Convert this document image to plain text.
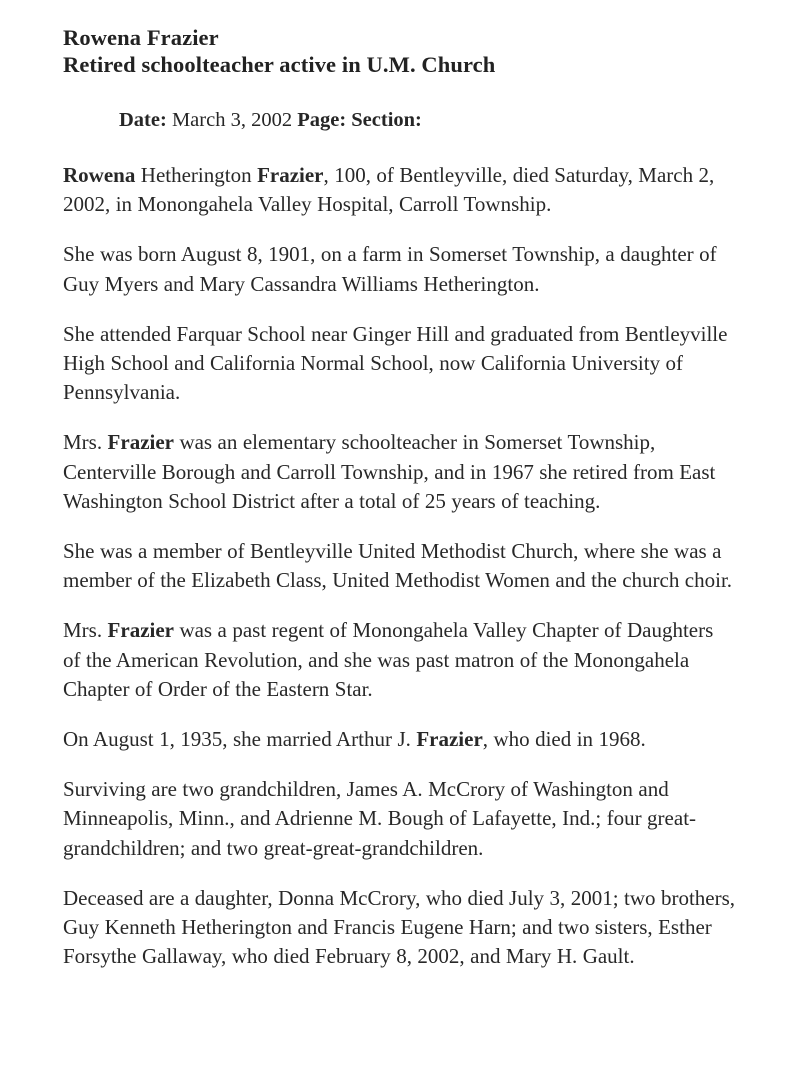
Rowena Frazier
Retired schoolteacher active in U.M. Church
Date: March 3, 2002 Page: Section:

Rowena Hetherington Frazier, 100, of Bentleyville, died Saturday, March 2, 2002, in Monongahela Valley Hospital, Carroll Township.

She was born August 8, 1901, on a farm in Somerset Township, a daughter of Guy Myers and Mary Cassandra Williams Hetherington.

She attended Farquar School near Ginger Hill and graduated from Bentleyville High School and California Normal School, now California University of Pennsylvania.

Mrs. Frazier was an elementary schoolteacher in Somerset Township, Centerville Borough and Carroll Township, and in 1967 she retired from East Washington School District after a total of 25 years of teaching.

She was a member of Bentleyville United Methodist Church, where she was a member of the Elizabeth Class, United Methodist Women and the church choir.

Mrs. Frazier was a past regent of Monongahela Valley Chapter of Daughters of the American Revolution, and she was past matron of the Monongahela Chapter of Order of the Eastern Star.

On August 1, 1935, she married Arthur J. Frazier, who died in 1968.

Surviving are two grandchildren, James A. McCrory of Washington and Minneapolis, Minn., and Adrienne M. Bough of Lafayette, Ind.; four great-grandchildren; and two great-great-grandchildren.

Deceased are a daughter, Donna McCrory, who died July 3, 2001; two brothers, Guy Kenneth Hetherington and Francis Eugene Harn; and two sisters, Esther Forsythe Gallaway, who died February 8, 2002, and Mary H. Gault.
